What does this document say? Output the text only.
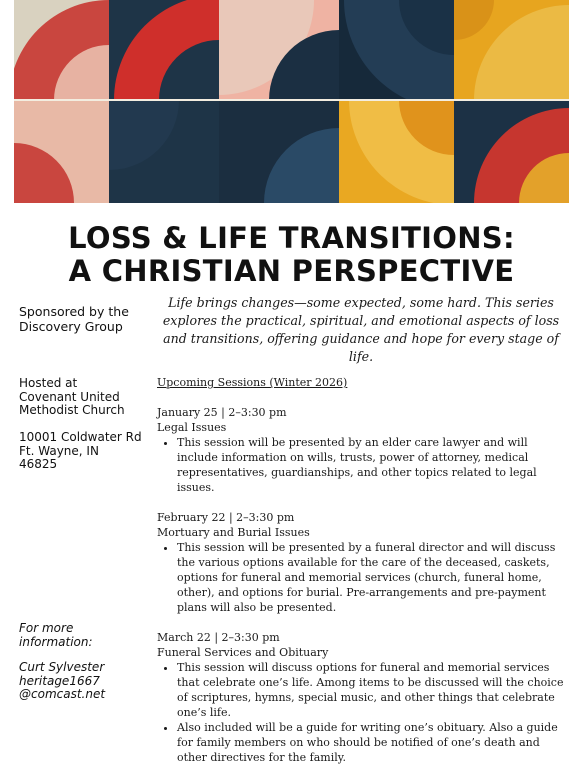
LOSS & LIFE TRANSITIONS:
A CHRISTIAN PERSPECTIVE
Sponsored by the
Discovery Group
Hosted at
Covenant United
Methodist Church
10001 Coldwater Rd
Ft. Wayne, IN
46825
For more
information:
Curt Sylvester
heritage1667
@comcast.net
Life brings changes—some expected, some hard. This series explores the practical, spiritual, and emotional aspects of loss and transitions, offering guidance and hope for every stage of life.
Upcoming Sessions (Winter 2026)
January 25 | 2–3:30 pm
Legal Issues
• This session will be presented by an elder care lawyer and will include information on wills, trusts, power of attorney, medical representatives, guardianships, and other topics related to legal issues.
February 22 | 2–3:30 pm
Mortuary and Burial Issues
• This session will be presented by a funeral director and will discuss the various options available for the care of the deceased, caskets, options for funeral and memorial services (church, funeral home, other), and options for burial. Pre-arrangements and pre-payment plans will also be presented.
March 22 | 2–3:30 pm
Funeral Services and Obituary
• This session will discuss options for funeral and memorial services that celebrate one’s life. Among items to be discussed will the choice of scriptures, hymns, special music, and other things that celebrate one’s life.
• Also included will be a guide for writing one’s obituary. Also a guide for family members on who should be notified of one’s death and other directives for the family.
